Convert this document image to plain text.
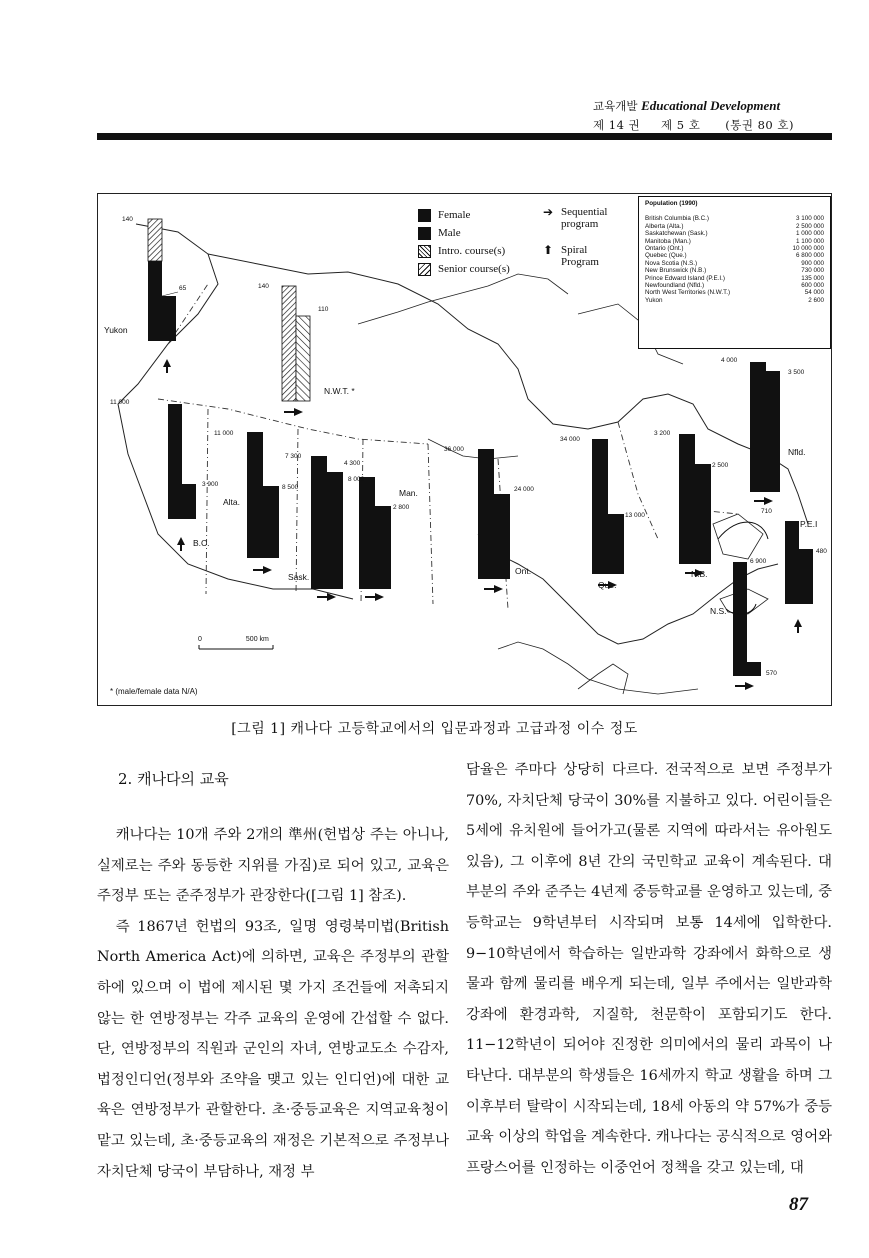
교육개발 Educational Development
제 14 권 제 5 호 (통권 80 호)
Female
Male
Intro. course(s)
Senior course(s)
➔ Sequential program
⬆ Spiral Program
Population (1990)
British Columbia (B.C.)	3 100 000
Alberta (Alta.)	2 500 000
Saskatchewan (Sask.)	1 000 000
Manitoba (Man.)	1 100 000
Ontario (Ont.)	10 000 000
Quebec (Que.)	6 800 000
Nova Scotia (N.S.)	900 000
New Brunswick (N.B.)	730 000
Prince Edward Island (P.E.I.)	135 000
Newfoundland (Nfld.)	600 000
North West Territories (N.W.T.)	54 000
Yukon	2 600
140
65	140
110
11 000
3 900
11 000
8 500
7 300
4 300
8 000
2 800
36 000
24 000
34 000
13 000
3 200
2 500
4 000
3 500
710
480
6 900
570
Yukon
N.W.T. *
B.C.
Alta.
Sask.
Man.
Ont.
Que.
N.B.
N.S.
P.E.I
Nfld.
0	500 km
* (male/female data N/A)
[그림 1] 캐나다 고등학교에서의 입문과정과 고급과정 이수 정도
2. 캐나다의 교육

캐나다는 10개 주와 2개의 準州(헌법상 주는 아니나, 실제로는 주와 동등한 지위를 가짐)로 되어 있고, 교육은 주정부 또는 준주정부가 관장한다([그림 1] 참조).

즉 1867년 헌법의 93조, 일명 영령북미법(British North America Act)에 의하면, 교육은 주정부의 관할 하에 있으며 이 법에 제시된 몇 가지 조건들에 저촉되지 않는 한 연방정부는 각주 교육의 운영에 간섭할 수 없다. 단, 연방정부의 직원과 군인의 자녀, 연방교도소 수감자, 법정인디언(정부와 조약을 맺고 있는 인디언)에 대한 교육은 연방정부가 관할한다. 초·중등교육은 지역교육청이 맡고 있는데, 초·중등교육의 재정은 기본적으로 주정부나 자치단체 당국이 부담하나, 재정 부

담율은 주마다 상당히 다르다. 전국적으로 보면 주정부가 70%, 자치단체 당국이 30%를 지불하고 있다. 어린이들은 5세에 유치원에 들어가고(물론 지역에 따라서는 유아원도 있음), 그 이후에 8년 간의 국민학교 교육이 계속된다. 대부분의 주와 준주는 4년제 중등학교를 운영하고 있는데, 중등학교는 9학년부터 시작되며 보통 14세에 입학한다. 9−10학년에서 학습하는 일반과학 강좌에서 화학으로 생물과 함께 물리를 배우게 되는데, 일부 주에서는 일반과학 강좌에 환경과학, 지질학, 천문학이 포함되기도 한다. 11−12학년이 되어야 진정한 의미에서의 물리 과목이 나타난다. 대부분의 학생들은 16세까지 학교 생활을 하며 그 이후부터 탈락이 시작되는데, 18세 아동의 약 57%가 중등교육 이상의 학업을 계속한다. 캐나다는 공식적으로 영어와 프랑스어를 인정하는 이중언어 정책을 갖고 있는데, 대

87
